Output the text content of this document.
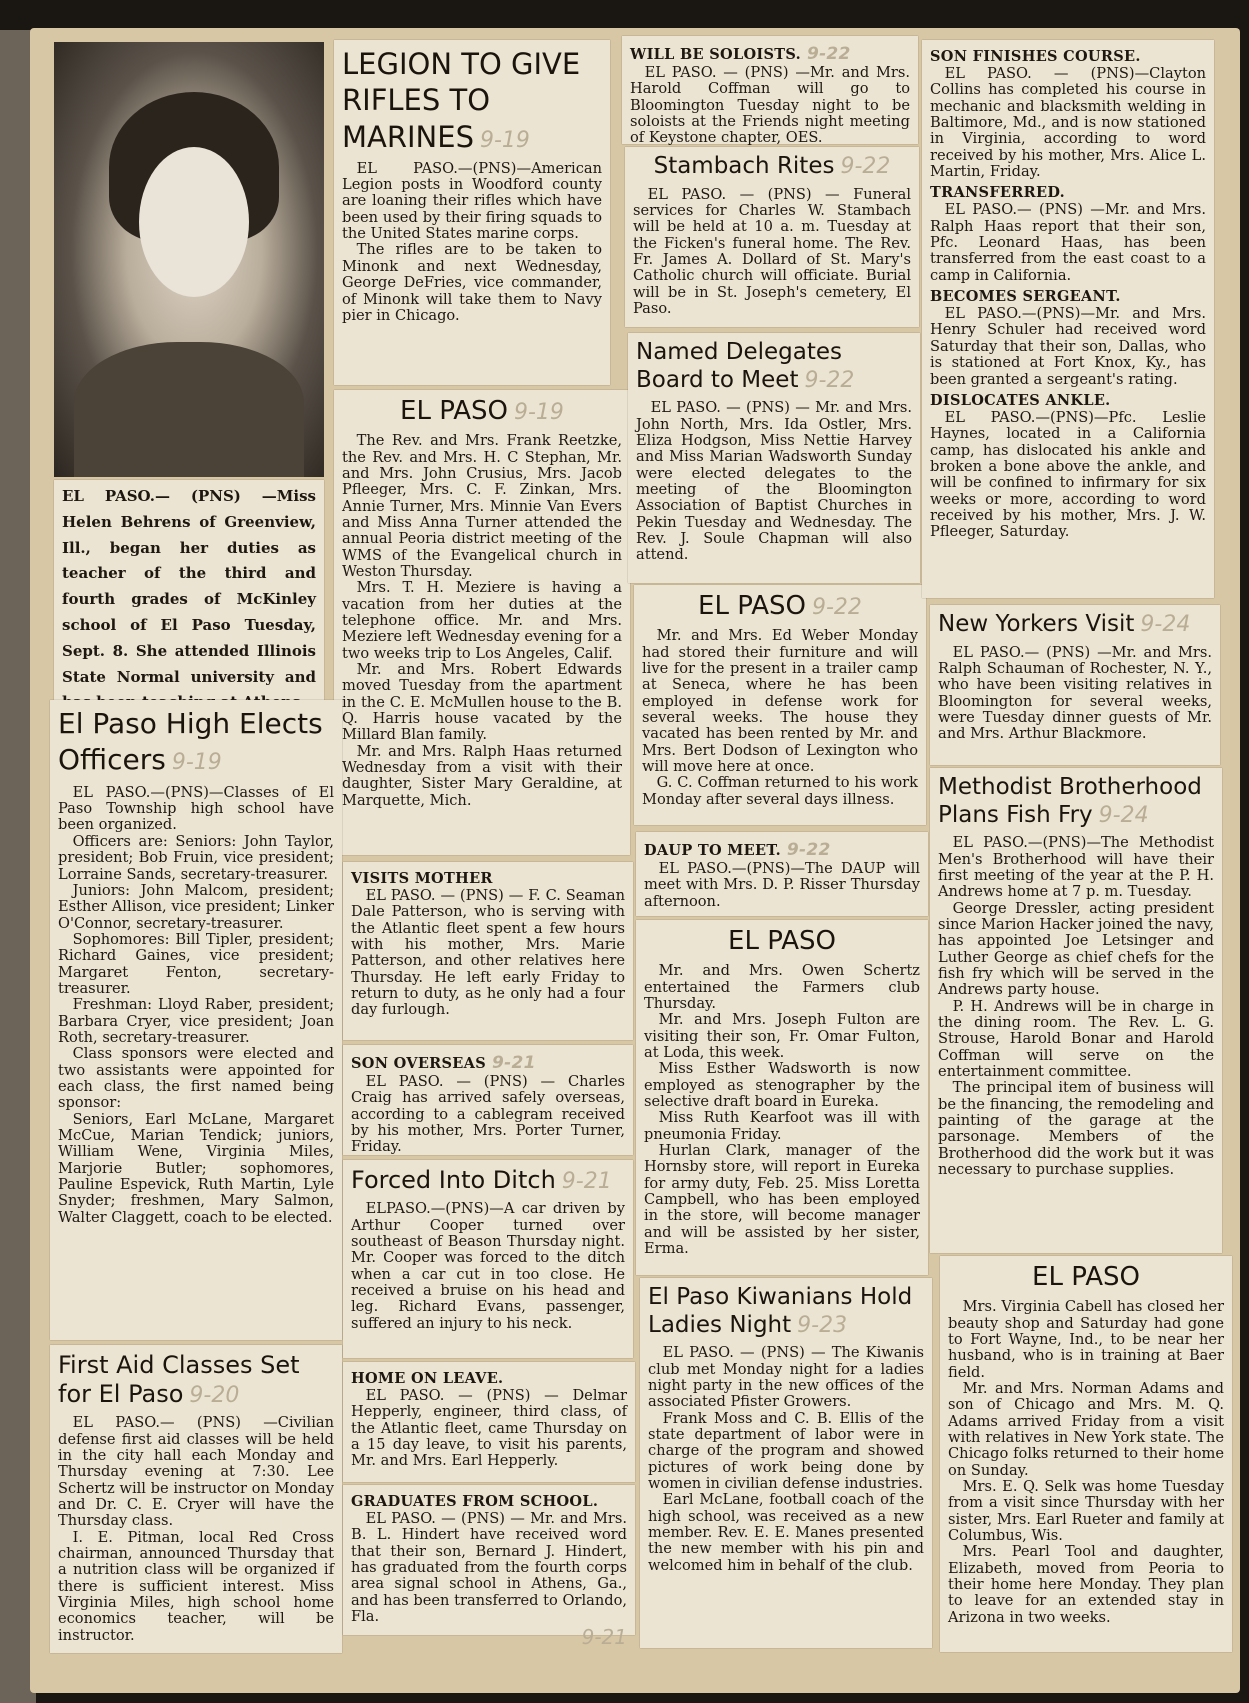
EL PASO.— (PNS) —Miss Helen Behrens of Greenview, Ill., began her duties as teacher of the third and fourth grades of McKinley school of El Paso Tuesday, Sept. 8. She attended Illinois State Normal university and
LEGION TO GIVE RIFLES TO MARINES 9-19

EL PASO.—(PNS)—American Legion posts in Woodford county are loaning their rifles which have been used by their firing squads to the United States marine corps.

The rifles are to be taken to Minonk and next Wednesday, George DeFries, vice commander, of Minonk will take them to Navy pier in Chicago.

EL PASO 9-19

The Rev. and Mrs. Frank Reetzke, the Rev. and Mrs. H. C Stephan, Mr. and Mrs. John Crusius, Mrs. Jacob Pfleeger, Mrs. C. F. Zinkan, Mrs. Annie Turner, Mrs. Minnie Van Evers and Miss Anna Turner attended the annual Peoria district meeting of the WMS of the Evangelical church in Weston Thursday.

Mrs. T. H. Meziere is having a vacation from her duties at the telephone office. Mr. and Mrs. Meziere left Wednesday evening for a two weeks trip to Los Angeles, Calif.

Mr. and Mrs. Robert Edwards moved Tuesday from the apartment in the C. E. McMullen house to the B. Q. Harris house vacated by the Millard Blan family.

Mr. and Mrs. Ralph Haas returned Wednesday from a visit with their daughter, Sister Mary Geraldine, at Marquette, Mich.

VISITS MOTHER

EL PASO. — (PNS) — F. C. Seaman Dale Patterson, who is serving with the Atlantic fleet spent a few hours with his mother, Mrs. Marie Patterson, and other relatives here Thursday. He left early Friday to return to duty, as he only had a four day furlough.

SON OVERSEAS 9-21

EL PASO. — (PNS) — Charles Craig has arrived safely overseas, according to a cablegram received by his mother, Mrs. Porter Turner, Friday.

Forced Into Ditch 9-21

ELPASO.—(PNS)—A car driven by Arthur Cooper turned over southeast of Beason Thursday night. Mr. Cooper was forced to the ditch when a car cut in too close. He received a bruise on his head and leg. Richard Evans, passenger, suffered an injury to his neck.

HOME ON LEAVE.

EL PASO. — (PNS) — Delmar Hepperly, engineer, third class, of the Atlantic fleet, came Thursday on a 15 day leave, to visit his parents, Mr. and Mrs. Earl Hepperly.

GRADUATES FROM SCHOOL.

EL PASO. — (PNS) — Mr. and Mrs. B. L. Hindert have received word that their son, Bernard J. Hindert, has graduated from the fourth corps area signal school in Athens, Ga., and has been transferred to Orlando, Fla.

9-21
El Paso High Elects Officers 9-19

EL PASO.—(PNS)—Classes of El Paso Township high school have been organized.

Officers are: Seniors: John Taylor, president; Bob Fruin, vice president; Lorraine Sands, secretary-treasurer.

Juniors: John Malcom, president; Esther Allison, vice president; Linker O'Connor, secretary-treasurer.

Sophomores: Bill Tipler, president; Richard Gaines, vice president; Margaret Fenton, secretary-treasurer.

Freshman: Lloyd Raber, president; Barbara Cryer, vice president; Joan Roth, secretary-treasurer.

Class sponsors were elected and two assistants were appointed for each class, the first named being sponsor:

Seniors, Earl McLane, Margaret McCue, Marian Tendick; juniors, William Wene, Virginia Miles, Marjorie Butler; sophomores, Pauline Espevick, Ruth Martin, Lyle Snyder; freshmen, Mary Salmon, Walter Claggett, coach to be elected.

First Aid Classes Set for El Paso 9-20

EL PASO.— (PNS) —Civilian defense first aid classes will be held in the city hall each Monday and Thursday evening at 7:30. Lee Schertz will be instructor on Monday and Dr. C. E. Cryer will have the Thursday class.

I. E. Pitman, local Red Cross chairman, announced Thursday that a nutrition class will be organized if there is sufficient interest. Miss Virginia Miles, high school home economics teacher, will be instructor.

WILL BE SOLOISTS. 9-22

EL PASO. — (PNS) —Mr. and Mrs. Harold Coffman will go to Bloomington Tuesday night to be soloists at the Friends night meeting of Keystone chapter, OES.

Stambach Rites 9-22

EL PASO. — (PNS) — Funeral services for Charles W. Stambach will be held at 10 a. m. Tuesday at the Ficken's funeral home. The Rev. Fr. James A. Dollard of St. Mary's Catholic church will officiate. Burial will be in St. Joseph's cemetery, El Paso.

Named Delegates Board to Meet 9-22

EL PASO. — (PNS) — Mr. and Mrs. John North, Mrs. Ida Ostler, Mrs. Eliza Hodgson, Miss Nettie Harvey and Miss Marian Wadsworth Sunday were elected delegates to the meeting of the Bloomington Association of Baptist Churches in Pekin Tuesday and Wednesday. The Rev. J. Soule Chapman will also attend.

EL PASO 9-22

Mr. and Mrs. Ed Weber Monday had stored their furniture and will live for the present in a trailer camp at Seneca, where he has been employed in defense work for several weeks. The house they vacated has been rented by Mr. and Mrs. Bert Dodson of Lexington who will move here at once.

G. C. Coffman returned to his work Monday after several days illness.

DAUP TO MEET. 9-22

EL PASO.—(PNS)—The DAUP will meet with Mrs. D. P. Risser Thursday afternoon.

EL PASO

Mr. and Mrs. Owen Schertz entertained the Farmers club Thursday.

Mr. and Mrs. Joseph Fulton are visiting their son, Fr. Omar Fulton, at Loda, this week.

Miss Esther Wadsworth is now employed as stenographer by the selective draft board in Eureka.

Miss Ruth Kearfoot was ill with pneumonia Friday.

Hurlan Clark, manager of the Hornsby store, will report in Eureka for army duty, Feb. 25. Miss Loretta Campbell, who has been employed in the store, will become manager and will be assisted by her sister, Erma.

El Paso Kiwanians Hold Ladies Night 9-23

EL PASO. — (PNS) — The Kiwanis club met Monday night for a ladies night party in the new offices of the associated Pfister Growers.

Frank Moss and C. B. Ellis of the state department of labor were in charge of the program and showed pictures of work being done by women in civilian defense industries.

Earl McLane, football coach of the high school, was received as a new member. Rev. E. E. Manes presented the new member with his pin and welcomed him in behalf of the club.

SON FINISHES COURSE.

EL PASO. — (PNS)—Clayton Collins has completed his course in mechanic and blacksmith welding in Baltimore, Md., and is now stationed in Virginia, according to word received by his mother, Mrs. Alice L. Martin, Friday.

TRANSFERRED.

EL PASO.— (PNS) —Mr. and Mrs. Ralph Haas report that their son, Pfc. Leonard Haas, has been transferred from the east coast to a camp in California.

BECOMES SERGEANT.

EL PASO.—(PNS)—Mr. and Mrs. Henry Schuler had received word Saturday that their son, Dallas, who is stationed at Fort Knox, Ky., has been granted a sergeant's rating.

DISLOCATES ANKLE.

EL PASO.—(PNS)—Pfc. Leslie Haynes, located in a California camp, has dislocated his ankle and broken a bone above the ankle, and will be confined to infirmary for six weeks or more, according to word received by his mother, Mrs. J. W. Pfleeger, Saturday.

New Yorkers Visit 9-24

EL PASO.— (PNS) —Mr. and Mrs. Ralph Schauman of Rochester, N. Y., who have been visiting relatives in Bloomington for several weeks, were Tuesday dinner guests of Mr. and Mrs. Arthur Blackmore.

Methodist Brotherhood Plans Fish Fry 9-24

EL PASO.—(PNS)—The Methodist Men's Brotherhood will have their first meeting of the year at the P. H. Andrews home at 7 p. m. Tuesday.

George Dressler, acting president since Marion Hacker joined the navy, has appointed Joe Letsinger and Luther George as chief chefs for the fish fry which will be served in the Andrews party house.

P. H. Andrews will be in charge in the dining room. The Rev. L. G. Strouse, Harold Bonar and Harold Coffman will serve on the entertainment committee.

The principal item of business will be the financing, the remodeling and painting of the garage at the parsonage. Members of the Brotherhood did the work but it was necessary to purchase supplies.

EL PASO

Mrs. Virginia Cabell has closed her beauty shop and Saturday had gone to Fort Wayne, Ind., to be near her husband, who is in training at Baer field.

Mr. and Mrs. Norman Adams and son of Chicago and Mrs. M. Q. Adams arrived Friday from a visit with relatives in New York state. The Chicago folks returned to their home on Sunday.

Mrs. E. Q. Selk was home Tuesday from a visit since Thursday with her sister, Mrs. Earl Rueter and family at Columbus, Wis.

Mrs. Pearl Tool and daughter, Elizabeth, moved from Peoria to their home here Monday. They plan to leave for an extended stay in Arizona in two weeks.
